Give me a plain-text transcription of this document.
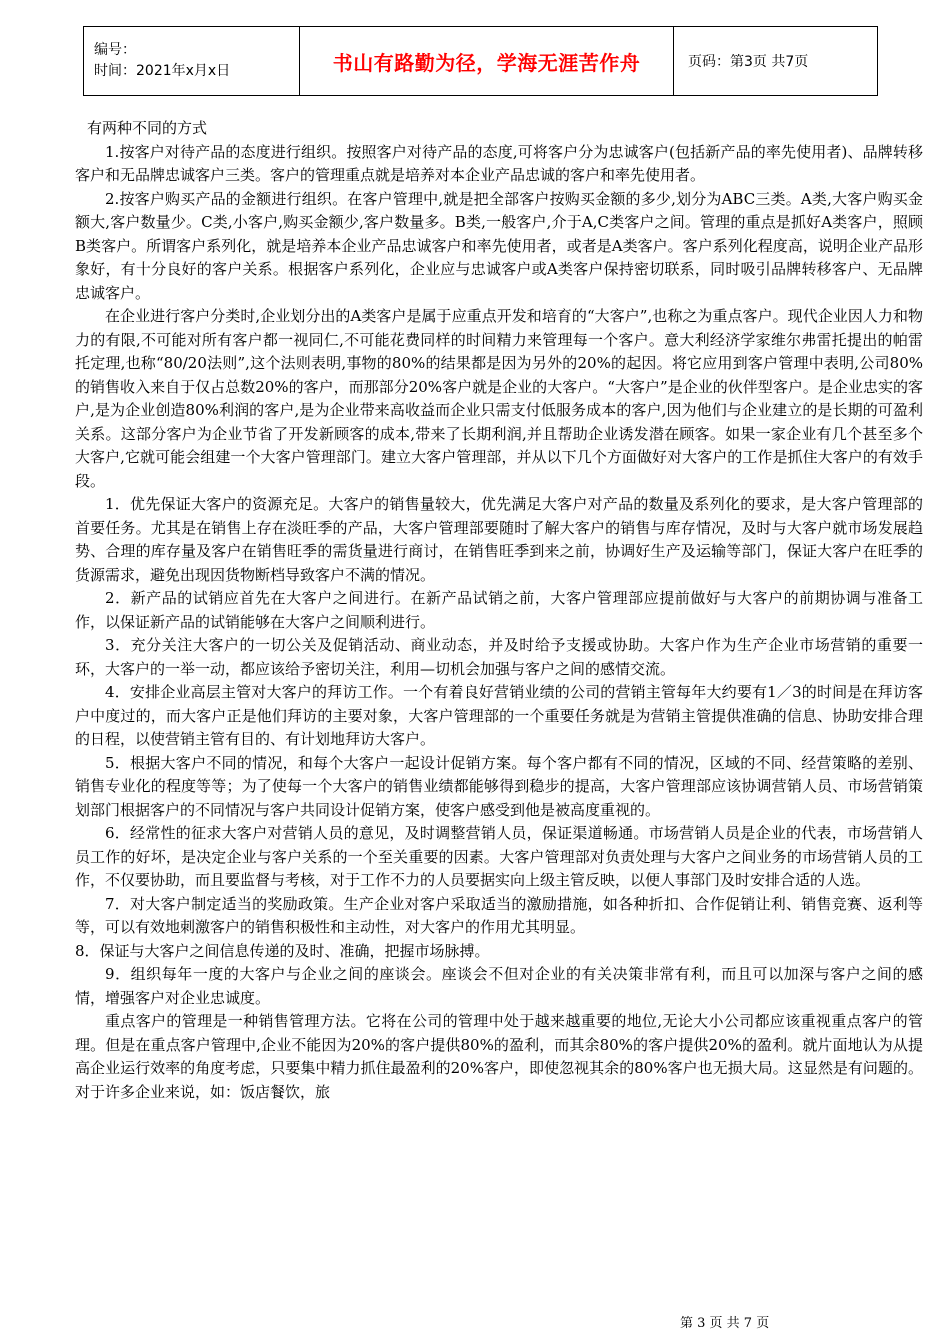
编号：
时间：2021年x月x日	书山有路勤为径，学海无涯苦作舟	页码：第3页 共7页

有两种不同的方式

1.按客户对待产品的态度进行组织。按照客户对待产品的态度,可将客户分为忠诚客户(包括新产品的率先使用者)、品牌转移客户和无品牌忠诚客户三类。客户的管理重点就是培养对本企业产品忠诚的客户和率先使用者。

2.按客户购买产品的金额进行组织。在客户管理中,就是把全部客户按购买金额的多少,划分为ABC三类。A类,大客户购买金额大,客户数量少。C类,小客户,购买金额少,客户数量多。B类,一般客户,介于A,C类客户之间。管理的重点是抓好A类客户，照顾B类客户。所谓客户系列化，就是培养本企业产品忠诚客户和率先使用者，或者是A类客户。客户系列化程度高，说明企业产品形象好，有十分良好的客户关系。根据客户系列化，企业应与忠诚客户或A类客户保持密切联系，同时吸引品牌转移客户、无品牌忠诚客户。

在企业进行客户分类时,企业划分出的A类客户是属于应重点开发和培育的“大客户”,也称之为重点客户。现代企业因人力和物力的有限,不可能对所有客户都一视同仁,不可能花费同样的时间精力来管理每一个客户。意大利经济学家维尔弗雷托提出的帕雷托定理,也称“80/20法则”,这个法则表明,事物的80%的结果都是因为另外的20%的起因。将它应用到客户管理中表明,公司80%的销售收入来自于仅占总数20%的客户，而那部分20%客户就是企业的大客户。“大客户”是企业的伙伴型客户。是企业忠实的客户,是为企业创造80%利润的客户,是为企业带来高收益而企业只需支付低服务成本的客户,因为他们与企业建立的是长期的可盈利关系。这部分客户为企业节省了开发新顾客的成本,带来了长期利润,并且帮助企业诱发潜在顾客。如果一家企业有几个甚至多个大客户,它就可能会组建一个大客户管理部门。建立大客户管理部，并从以下几个方面做好对大客户的工作是抓住大客户的有效手段。

1．优先保证大客户的资源充足。大客户的销售量较大，优先满足大客户对产品的数量及系列化的要求，是大客户管理部的首要任务。尤其是在销售上存在淡旺季的产品，大客户管理部要随时了解大客户的销售与库存情况，及时与大客户就市场发展趋势、合理的库存量及客户在销售旺季的需货量进行商讨，在销售旺季到来之前，协调好生产及运输等部门，保证大客户在旺季的货源需求，避免出现因货物断档导致客户不满的情况。

2．新产品的试销应首先在大客户之间进行。在新产品试销之前，大客户管理部应提前做好与大客户的前期协调与准备工作，以保证新产品的试销能够在大客户之间顺利进行。

3．充分关注大客户的一切公关及促销活动、商业动态，并及时给予支援或协助。大客户作为生产企业市场营销的重要一环，大客户的一举一动，都应该给予密切关注，利用—切机会加强与客户之间的感情交流。

4．安排企业高层主管对大客户的拜访工作。一个有着良好营销业绩的公司的营销主管每年大约要有1／3的时间是在拜访客户中度过的，而大客户正是他们拜访的主要对象，大客户管理部的一个重要任务就是为营销主管提供准确的信息、协助安排合理的日程，以使营销主管有目的、有计划地拜访大客户。

5．根据大客户不同的情况，和每个大客户一起设计促销方案。每个客户都有不同的情况，区域的不同、经营策略的差别、销售专业化的程度等等；为了使每一个大客户的销售业绩都能够得到稳步的提高，大客户管理部应该协调营销人员、市场营销策划部门根据客户的不同情况与客户共同设计促销方案，使客户感受到他是被高度重视的。

6．经常性的征求大客户对营销人员的意见，及时调整营销人员，保证渠道畅通。市场营销人员是企业的代表，市场营销人员工作的好坏，是决定企业与客户关系的一个至关重要的因素。大客户管理部对负责处理与大客户之间业务的市场营销人员的工作，不仅要协助，而且要监督与考核，对于工作不力的人员要据实向上级主管反映，以便人事部门及时安排合适的人选。

7．对大客户制定适当的奖励政策。生产企业对客户采取适当的激励措施，如各种折扣、合作促销让利、销售竞赛、返利等等，可以有效地刺激客户的销售积极性和主动性，对大客户的作用尤其明显。

8．保证与大客户之间信息传递的及时、准确，把握市场脉搏。

9．组织每年一度的大客户与企业之间的座谈会。座谈会不但对企业的有关决策非常有利，而且可以加深与客户之间的感情，增强客户对企业忠诚度。

重点客户的管理是一种销售管理方法。它将在公司的管理中处于越来越重要的地位,无论大小公司都应该重视重点客户的管理。但是在重点客户管理中,企业不能因为20%的客户提供80%的盈利，而其余80%的客户提供20%的盈利。就片面地认为从提高企业运行效率的角度考虑，只要集中精力抓住最盈利的20%客户，即使忽视其余的80%客户也无损大局。这显然是有问题的。对于许多企业来说，如：饭店餐饮，旅

第 3 页 共 7 页
